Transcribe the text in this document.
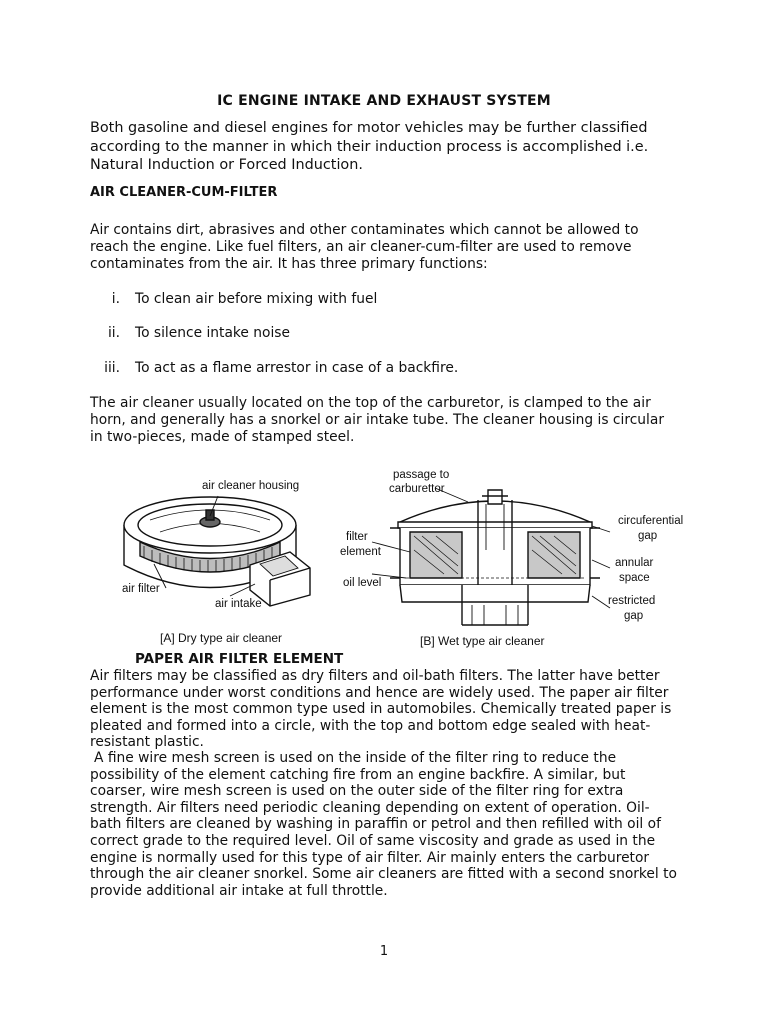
IC ENGINE INTAKE AND EXHAUST SYSTEM

Both gasoline and diesel engines for motor vehicles may be further classified according to the manner in which their induction process is accomplished i.e. Natural Induction or Forced Induction.

AIR CLEANER-CUM-FILTER

Air contains dirt, abrasives and other contaminates which cannot be allowed to reach the engine. Like fuel filters, an air cleaner-cum-filter are used to remove contaminates from the air. It has three primary functions:

i. To clean air before mixing with fuel
ii. To silence intake noise
iii. To act as a flame arrestor in case of a backfire.

The air cleaner usually located on the top of the carburetor, is clamped to the air horn, and generally has a snorkel or air intake tube. The cleaner housing is circular in two-pieces, made of stamped steel.

air cleaner housing
air filter
air intake
[A] Dry type air cleaner
passage to
carburettor
filter
element
oil level
circuferential
gap
annular
space
restricted
gap
[B] Wet type air cleaner

PAPER AIR FILTER ELEMENT

Air filters may be classified as dry filters and oil-bath filters. The latter have better performance under worst conditions and hence are widely used. The paper air filter element is the most common type used in automobiles. Chemically treated paper is pleated and formed into a circle, with the top and bottom edge sealed with heat-resistant plastic.

A fine wire mesh screen is used on the inside of the filter ring to reduce the possibility of the element catching fire from an engine backfire. A similar, but coarser, wire mesh screen is used on the outer side of the filter ring for extra strength. Air filters need periodic cleaning depending on extent of operation. Oil-bath filters are cleaned by washing in paraffin or petrol and then refilled with oil of correct grade to the required level. Oil of same viscosity and grade as used in the engine is normally used for this type of air filter. Air mainly enters the carburetor through the air cleaner snorkel. Some air cleaners are fitted with a second snorkel to provide additional air intake at full throttle.

1
